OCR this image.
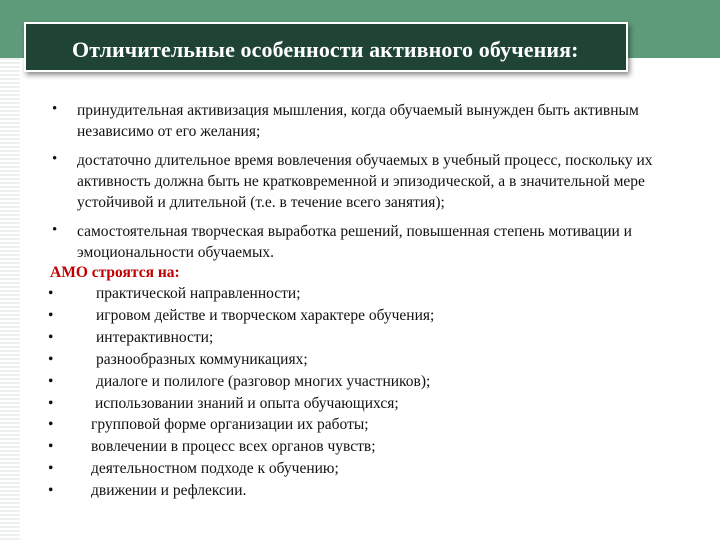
Отличительные особенности активного обучения:
• принудительная активизация мышления, когда обучаемый вынужден быть активным независимо от его желания;
• достаточно длительное время вовлечения обучаемых в учебный процесс, поскольку их активность должна быть не кратковременной и эпизодической, а в значительной мере устойчивой и длительной (т.е. в течение всего занятия);
• самостоятельная творческая выработка решений, повышенная степень мотивации и эмоциональности обучаемых.
АМО строятся на:
•	практической направленности;
•	игровом действе и творческом характере обучения;
•	интерактивности;
•	разнообразных коммуникациях;
•	диалоге и полилоге (разговор многих участников);
•	использовании знаний и опыта обучающихся;
• групповой форме организации их работы;
• вовлечении в процесс всех органов чувств;
• деятельностном подходе к обучению;
• движении и рефлексии.
